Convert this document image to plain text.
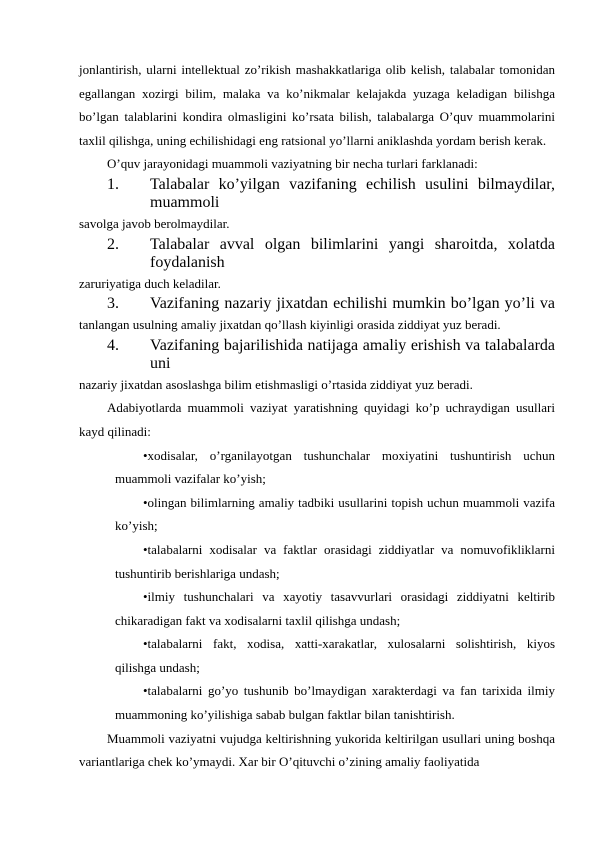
jonlantirish, ularni intellektual zo’rikish mashakkatlariga olib kelish, talabalar tomonidan egallangan xozirgi bilim, malaka va ko’nikmalar kelajakda yuzaga keladigan bilishga bo’lgan talablarini kondira olmasligini ko’rsata bilish, talabalarga O’quv muammolarini taxlil qilishga, uning echilishidagi eng ratsional yo’llarni aniklashda yordam berish kerak.

O’quv jarayonidagi muammoli vaziyatning bir necha turlari farklanadi:

1.	Talabalar ko’yilgan vazifaning echilish usulini bilmaydilar, muammoli

savolga javob berolmaydilar.

2.	Talabalar avval olgan bilimlarini yangi sharoitda, xolatda foydalanish

zaruriyatiga duch keladilar.

3.	Vazifaning nazariy jixatdan echilishi mumkin bo’lgan yo’li va

tanlangan usulning amaliy jixatdan qo’llash kiyinligi orasida ziddiyat yuz beradi.

4.	Vazifaning bajarilishida natijaga amaliy erishish va talabalarda uni

nazariy jixatdan asoslashga bilim etishmasligi o’rtasida ziddiyat yuz beradi.

Adabiyotlarda muammoli vaziyat yaratishning quyidagi ko’p uchraydigan usullari kayd qilinadi:

•xodisalar, o’rganilayotgan tushunchalar moxiyatini tushuntirish uchun muammoli vazifalar ko’yish;

•olingan bilimlarning amaliy tadbiki usullarini topish uchun muammoli vazifa ko’yish;

•talabalarni xodisalar va faktlar orasidagi ziddiyatlar va nomuvofikliklarni tushuntirib berishlariga undash;

•ilmiy tushunchalari va xayotiy tasavvurlari orasidagi ziddiyatni keltirib chikaradigan fakt va xodisalarni taxlil qilishga undash;

•talabalarni fakt, xodisa, xatti-xarakatlar, xulosalarni solishtirish, kiyos qilishga undash;

•talabalarni go’yo tushunib bo’lmaydigan xarakterdagi va fan tarixida ilmiy muammoning ko’yilishiga sabab bulgan faktlar bilan tanishtirish.

Muammoli vaziyatni vujudga keltirishning yukorida keltirilgan usullari uning boshqa variantlariga chek ko’ymaydi. Xar bir O’qituvchi o’zining amaliy faoliyatida
